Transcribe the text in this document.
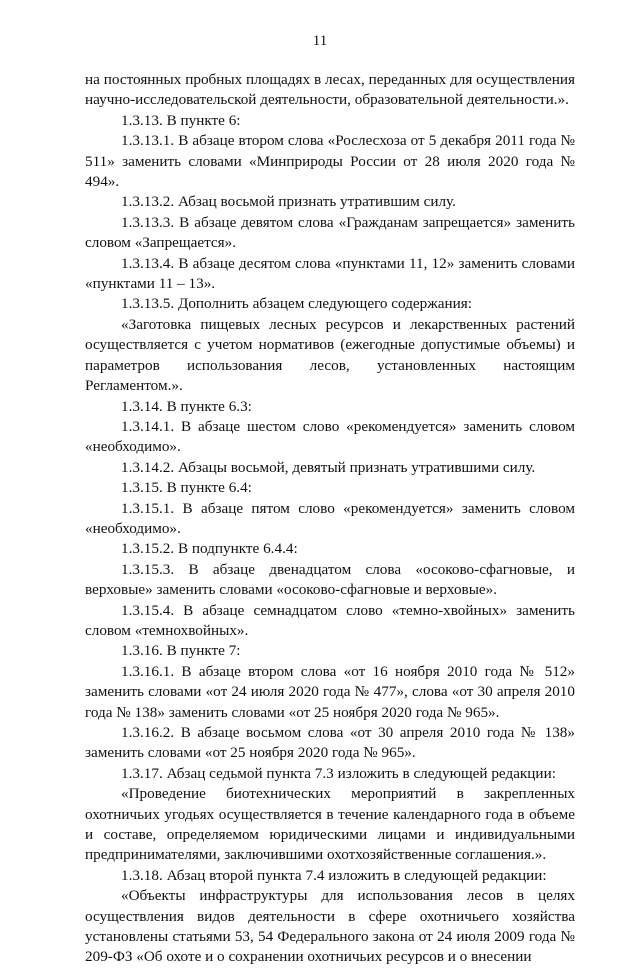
11

на постоянных пробных площадях в лесах, переданных для осуществления научно-исследовательской деятельности, образовательной деятельности.».

1.3.13. В пункте 6:

1.3.13.1. В абзаце втором слова «Рослесхоза от 5 декабря 2011 года № 511» заменить словами «Минприроды России от 28 июля 2020 года № 494».

1.3.13.2. Абзац восьмой признать утратившим силу.

1.3.13.3. В абзаце девятом слова «Гражданам запрещается» заменить словом «Запрещается».

1.3.13.4. В абзаце десятом слова «пунктами 11, 12» заменить словами «пунктами 11 – 13».

1.3.13.5. Дополнить абзацем следующего содержания:

«Заготовка пищевых лесных ресурсов и лекарственных растений осуществляется с учетом нормативов (ежегодные допустимые объемы) и параметров использования лесов, установленных настоящим Регламентом.».

1.3.14. В пункте 6.3:

1.3.14.1. В абзаце шестом слово «рекомендуется» заменить словом «необходимо».

1.3.14.2. Абзацы восьмой, девятый признать утратившими силу.

1.3.15. В пункте 6.4:

1.3.15.1. В абзаце пятом слово «рекомендуется» заменить словом «необходимо».

1.3.15.2. В подпункте 6.4.4:

1.3.15.3. В абзаце двенадцатом слова «осоково-сфагновые, и верховые» заменить словами «осоково-сфагновые и верховые».

1.3.15.4. В абзаце семнадцатом слово «темно-хвойных» заменить словом «темнохвойных».

1.3.16. В пункте 7:

1.3.16.1. В абзаце втором слова «от 16 ноября 2010 года № 512» заменить словами «от 24 июля 2020 года № 477», слова «от 30 апреля 2010 года № 138» заменить словами «от 25 ноября 2020 года № 965».

1.3.16.2. В абзаце восьмом слова «от 30 апреля 2010 года № 138» заменить словами «от 25 ноября 2020 года № 965».

1.3.17. Абзац седьмой пункта 7.3 изложить в следующей редакции:

«Проведение биотехнических мероприятий в закрепленных охотничьих угодьях осуществляется в течение календарного года в объеме и составе, определяемом юридическими лицами и индивидуальными предпринимателями, заключившими охотхозяйственные соглашения.».

1.3.18. Абзац второй пункта 7.4 изложить в следующей редакции:

«Объекты инфраструктуры для использования лесов в целях осуществления видов деятельности в сфере охотничьего хозяйства установлены статьями 53, 54 Федерального закона от 24 июля 2009 года № 209-ФЗ «Об охоте и о сохранении охотничьих ресурсов и о внесении
